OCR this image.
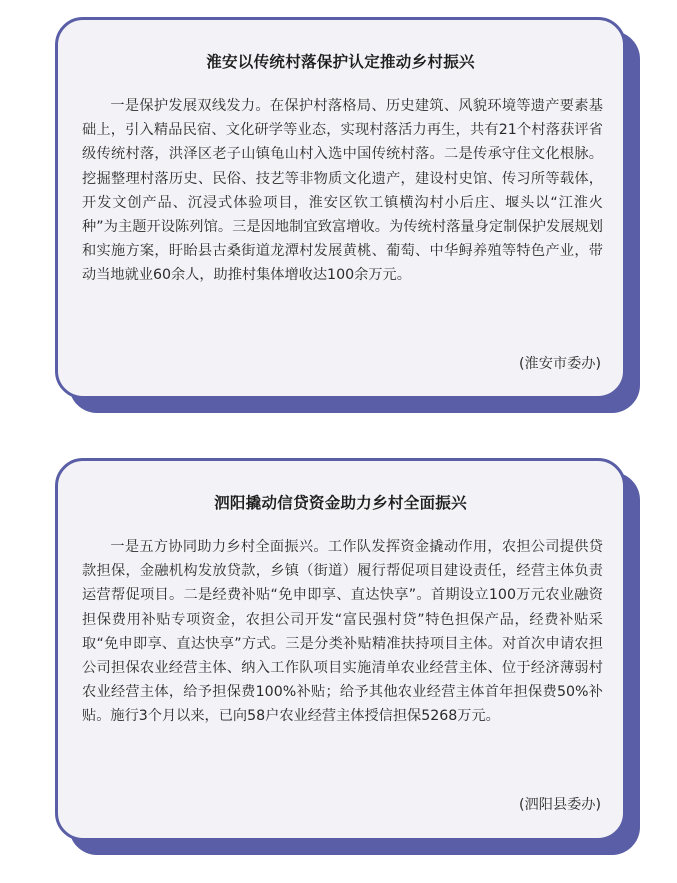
淮安以传统村落保护认定推动乡村振兴

一是保护发展双线发力。在保护村落格局、历史建筑、风貌环境等遗产要素基础上，引入精品民宿、文化研学等业态，实现村落活力再生，共有21个村落获评省级传统村落，洪泽区老子山镇龟山村入选中国传统村落。二是传承守住文化根脉。挖掘整理村落历史、民俗、技艺等非物质文化遗产，建设村史馆、传习所等载体，开发文创产品、沉浸式体验项目，淮安区钦工镇横沟村小后庄、堰头以“江淮火种”为主题开设陈列馆。三是因地制宜致富增收。为传统村落量身定制保护发展规划和实施方案，盱眙县古桑街道龙潭村发展黄桃、葡萄、中华鲟养殖等特色产业，带动当地就业60余人，助推村集体增收达100余万元。

(淮安市委办)
泗阳撬动信贷资金助力乡村全面振兴

一是五方协同助力乡村全面振兴。工作队发挥资金撬动作用，农担公司提供贷款担保，金融机构发放贷款，乡镇（街道）履行帮促项目建设责任，经营主体负责运营帮促项目。二是经费补贴“免申即享、直达快享”。首期设立100万元农业融资担保费用补贴专项资金，农担公司开发“富民强村贷”特色担保产品，经费补贴采取“免申即享、直达快享”方式。三是分类补贴精准扶持项目主体。对首次申请农担公司担保农业经营主体、纳入工作队项目实施清单农业经营主体、位于经济薄弱村农业经营主体，给予担保费100%补贴；给予其他农业经营主体首年担保费50%补贴。施行3个月以来，已向58户农业经营主体授信担保5268万元。

(泗阳县委办)
